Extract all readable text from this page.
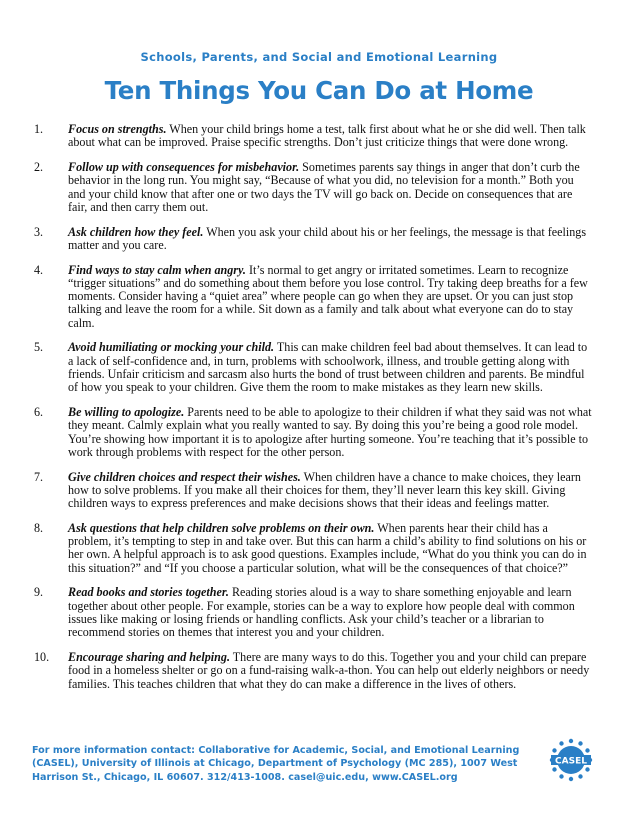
Schools, Parents, and Social and Emotional Learning
Ten Things You Can Do at Home
1.	Focus on strengths. When your child brings home a test, talk first about what he or she did well. Then talk about what can be improved. Praise specific strengths. Don’t just criticize things that were done wrong.
2.	Follow up with consequences for misbehavior. Sometimes parents say things in anger that don’t curb the behavior in the long run. You might say, “Because of what you did, no television for a month.” Both you and your child know that after one or two days the TV will go back on. Decide on consequences that are fair, and then carry them out.
3.	Ask children how they feel. When you ask your child about his or her feelings, the message is that feelings matter and you care.
4.	Find ways to stay calm when angry. It’s normal to get angry or irritated sometimes. Learn to recognize “trigger situations” and do something about them before you lose control. Try taking deep breaths for a few moments. Consider having a “quiet area” where people can go when they are upset. Or you can just stop talking and leave the room for a while. Sit down as a family and talk about what everyone can do to stay calm.
5.	Avoid humiliating or mocking your child. This can make children feel bad about themselves. It can lead to a lack of self-confidence and, in turn, problems with schoolwork, illness, and trouble getting along with friends. Unfair criticism and sarcasm also hurts the bond of trust between children and parents. Be mindful of how you speak to your children. Give them the room to make mistakes as they learn new skills.
6.	Be willing to apologize. Parents need to be able to apologize to their children if what they said was not what they meant. Calmly explain what you really wanted to say. By doing this you’re being a good role model. You’re showing how important it is to apologize after hurting someone. You’re teaching that it’s possible to work through problems with respect for the other person.
7.	Give children choices and respect their wishes. When children have a chance to make choices, they learn how to solve problems. If you make all their choices for them, they’ll never learn this key skill. Giving children ways to express preferences and make decisions shows that their ideas and feelings matter.
8.	Ask questions that help children solve problems on their own. When parents hear their child has a problem, it’s tempting to step in and take over. But this can harm a child’s ability to find solutions on his or her own. A helpful approach is to ask good questions. Examples include, “What do you think you can do in this situation?” and “If you choose a particular solution, what will be the consequences of that choice?”
9.	Read books and stories together. Reading stories aloud is a way to share something enjoyable and learn together about other people. For example, stories can be a way to explore how people deal with common issues like making or losing friends or handling conflicts. Ask your child’s teacher or a librarian to recommend stories on themes that interest you and your children.
10.	Encourage sharing and helping. There are many ways to do this. Together you and your child can prepare food in a homeless shelter or go on a fund-raising walk-a-thon. You can help out elderly neighbors or needy families. This teaches children that what they do can make a difference in the lives of others.
For more information contact: Collaborative for Academic, Social, and Emotional Learning (CASEL), University of Illinois at Chicago, Department of Psychology (MC 285), 1007 West Harrison St., Chicago, IL 60607. 312/413-1008. casel@uic.edu, www.CASEL.org
CASEL
